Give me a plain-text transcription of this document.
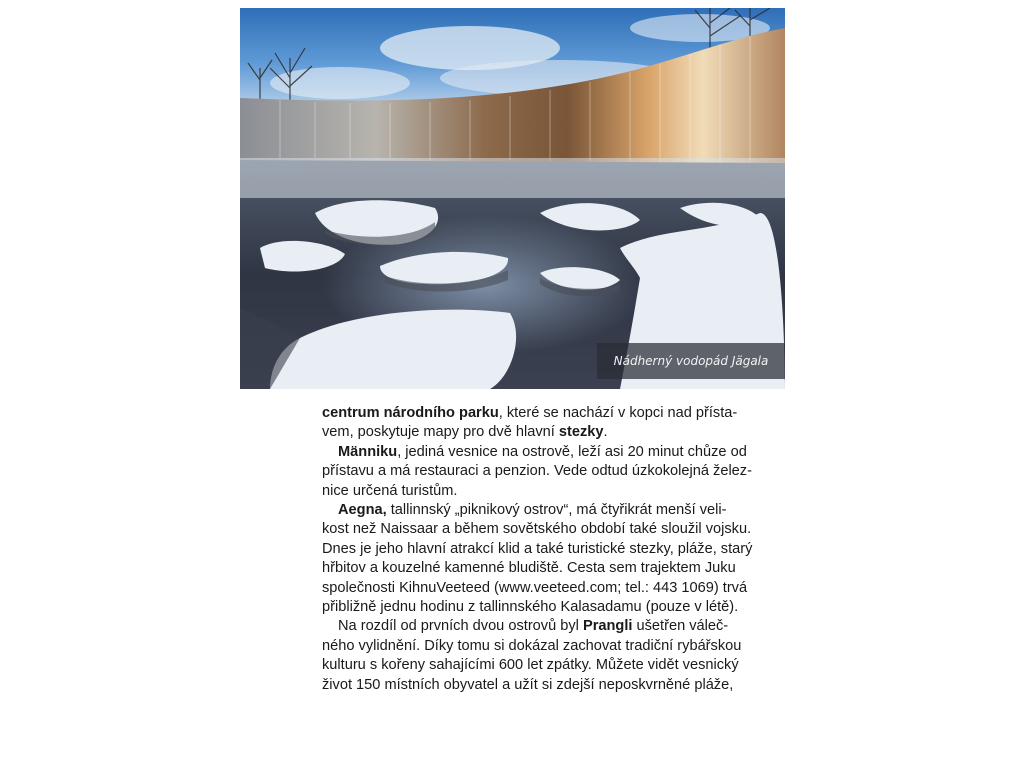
Nádherný vodopád Jägala

centrum národního parku, které se nachází v kopci nad přísta-
vem, poskytuje mapy pro dvě hlavní stezky.

Männiku, jediná vesnice na ostrově, leží asi 20 minut chůze od
přístavu a má restauraci a penzion. Vede odtud úzkokolejná želez-
nice určená turistům.

Aegna, tallinnský „piknikový ostrov“, má čtyřikrát menší veli-
kost než Naissaar a během sovětského období také sloužil vojsku.
Dnes je jeho hlavní atrakcí klid a také turistické stezky, pláže, starý
hřbitov a kouzelné kamenné bludiště. Cesta sem trajektem Juku
společnosti KihnuVeeteed (www.veeteed.com; tel.: 443 1069) trvá
přibližně jednu hodinu z tallinnského Kalasadamu (pouze v létě).

Na rozdíl od prvních dvou ostrovů byl Prangli ušetřen váleč-
ného vylidnění. Díky tomu si dokázal zachovat tradiční rybářskou
kulturu s kořeny sahajícími 600 let zpátky. Můžete vidět vesnický
život 150 místních obyvatel a užít si zdejší neposkvrněné pláže,
